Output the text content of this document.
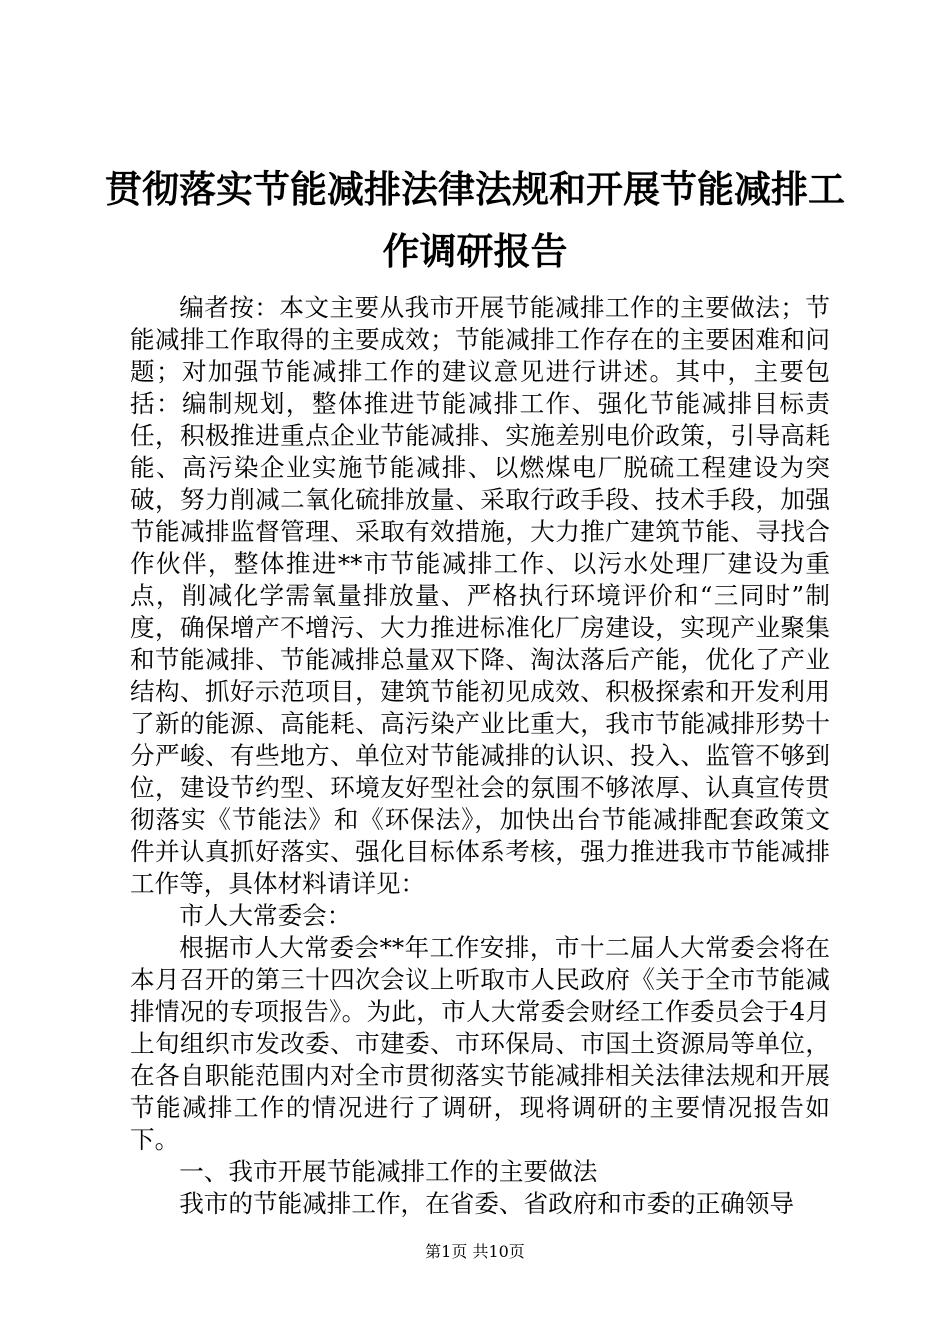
贯彻落实节能减排法律法规和开展节能减排工作调研报告

编者按：本文主要从我市开展节能减排工作的主要做法；节能减排工作取得的主要成效；节能减排工作存在的主要困难和问题；对加强节能减排工作的建议意见进行讲述。其中，主要包括：编制规划，整体推进节能减排工作、强化节能减排目标责任，积极推进重点企业节能减排、实施差别电价政策，引导高耗能、高污染企业实施节能减排、以燃煤电厂脱硫工程建设为突破，努力削减二氧化硫排放量、采取行政手段、技术手段，加强节能减排监督管理、采取有效措施，大力推广建筑节能、寻找合作伙伴，整体推进**市节能减排工作、以污水处理厂建设为重点，削减化学需氧量排放量、严格执行环境评价和“三同时”制度，确保增产不增污、大力推进标准化厂房建设，实现产业聚集和节能减排、节能减排总量双下降、淘汰落后产能，优化了产业结构、抓好示范项目，建筑节能初见成效、积极探索和开发利用了新的能源、高能耗、高污染产业比重大，我市节能减排形势十分严峻、有些地方、单位对节能减排的认识、投入、监管不够到位，建设节约型、环境友好型社会的氛围不够浓厚、认真宣传贯彻落实《节能法》和《环保法》，加快出台节能减排配套政策文件并认真抓好落实、强化目标体系考核，强力推进我市节能减排工作等，具体材料请详见：

市人大常委会：

根据市人大常委会**年工作安排，市十二届人大常委会将在本月召开的第三十四次会议上听取市人民政府《关于全市节能减排情况的专项报告》。为此，市人大常委会财经工作委员会于4月上旬组织市发改委、市建委、市环保局、市国土资源局等单位，在各自职能范围内对全市贯彻落实节能减排相关法律法规和开展节能减排工作的情况进行了调研，现将调研的主要情况报告如下。

一、我市开展节能减排工作的主要做法

我市的节能减排工作，在省委、省政府和市委的正确领导

第1页 共10页
